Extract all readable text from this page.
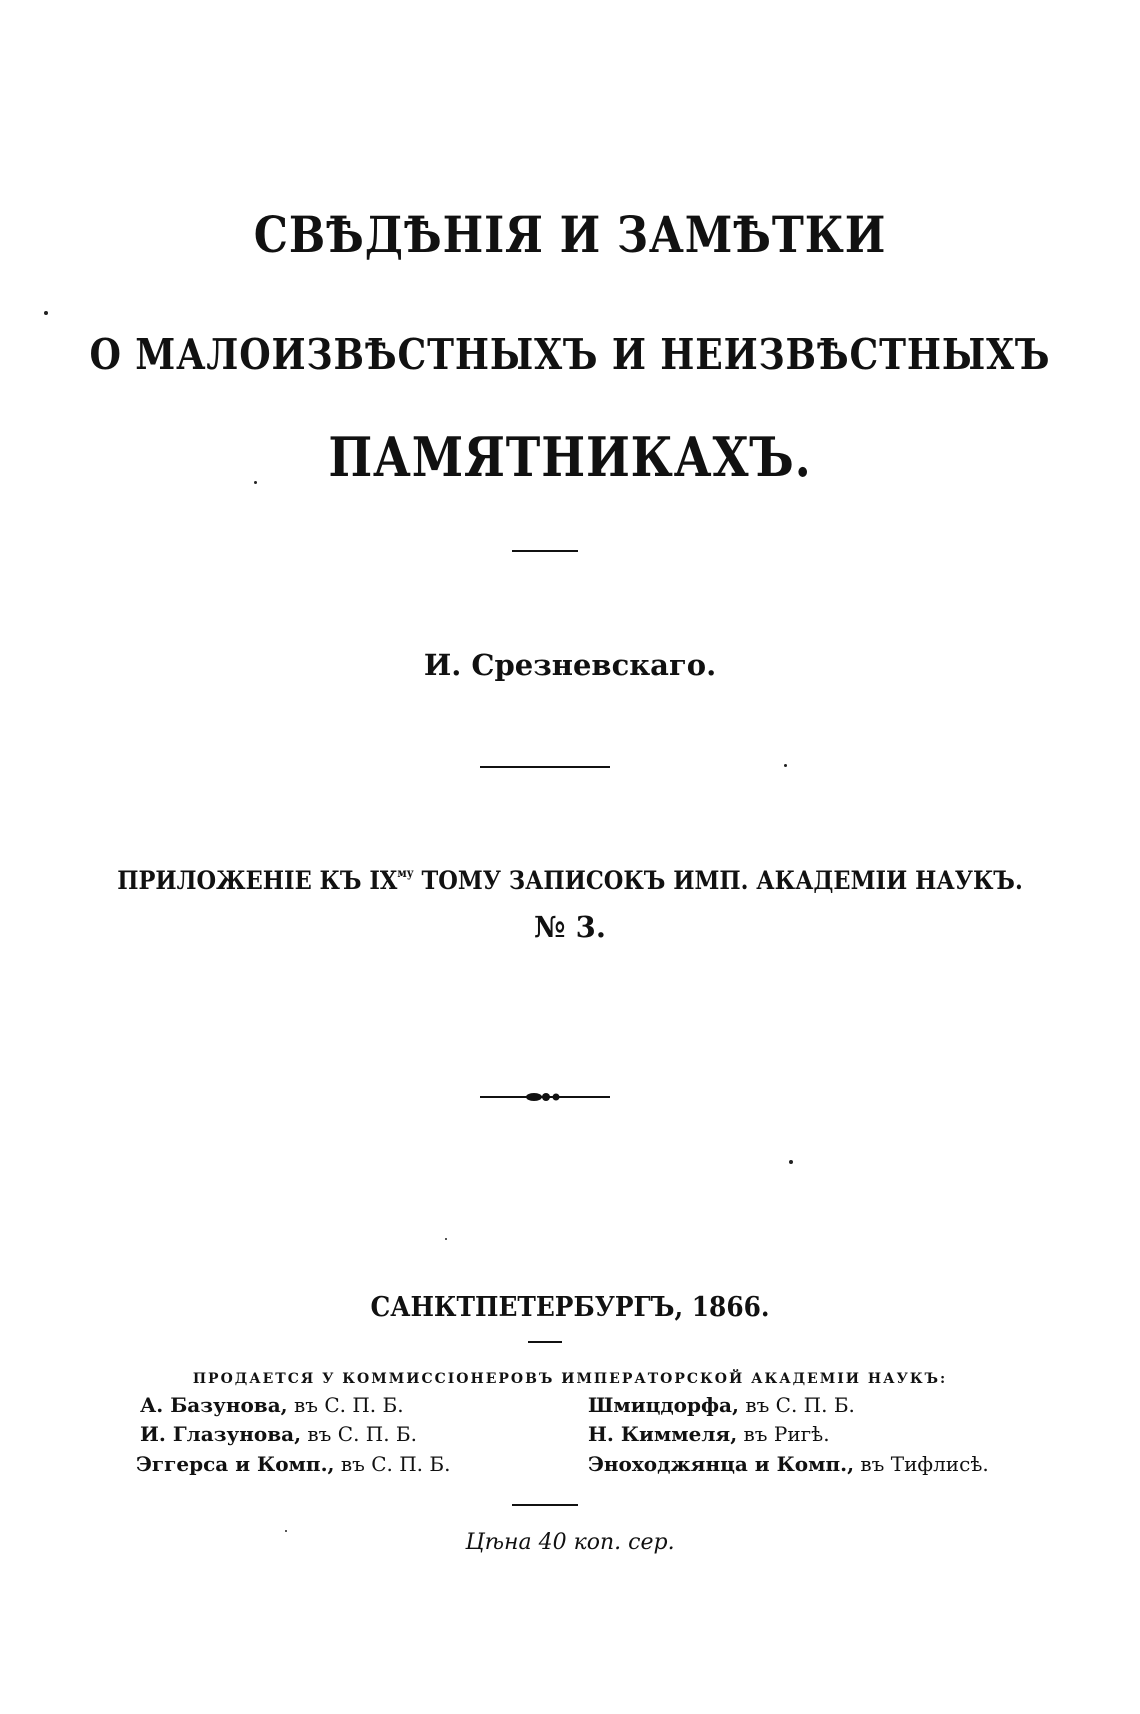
СВѢДѢНІЯ И ЗАМѢТКИ
О МАЛОИЗВѢСТНЫХЪ И НЕИЗВѢСТНЫХЪ
ПАМЯТНИКАХЪ.
И. Срезневскаго.
ПРИЛОЖЕНІЕ КЪ $IX^{му}$ ТОМУ ЗАПИСОКЪ ИМП. АКАДЕМІИ НАУКЪ.
№ 3.
САНКТПЕТЕРБУРГЪ, 1866.
ПРОДАЕТСЯ У КОММИССІОНЕРОВЪ ИМПЕРАТОРСКОЙ АКАДЕМІИ НАУКЪ:
А. Базунова, въ С. П. Б.
И. Глазунова, въ С. П. Б.
Эггерса и Комп., въ С. П. Б.
Шмицдорфа, въ С. П. Б.
Н. Киммеля, въ Ригѣ.
Эноходжянца и Комп., въ Тифлисѣ.
Цѣна 40 коп. сер.
